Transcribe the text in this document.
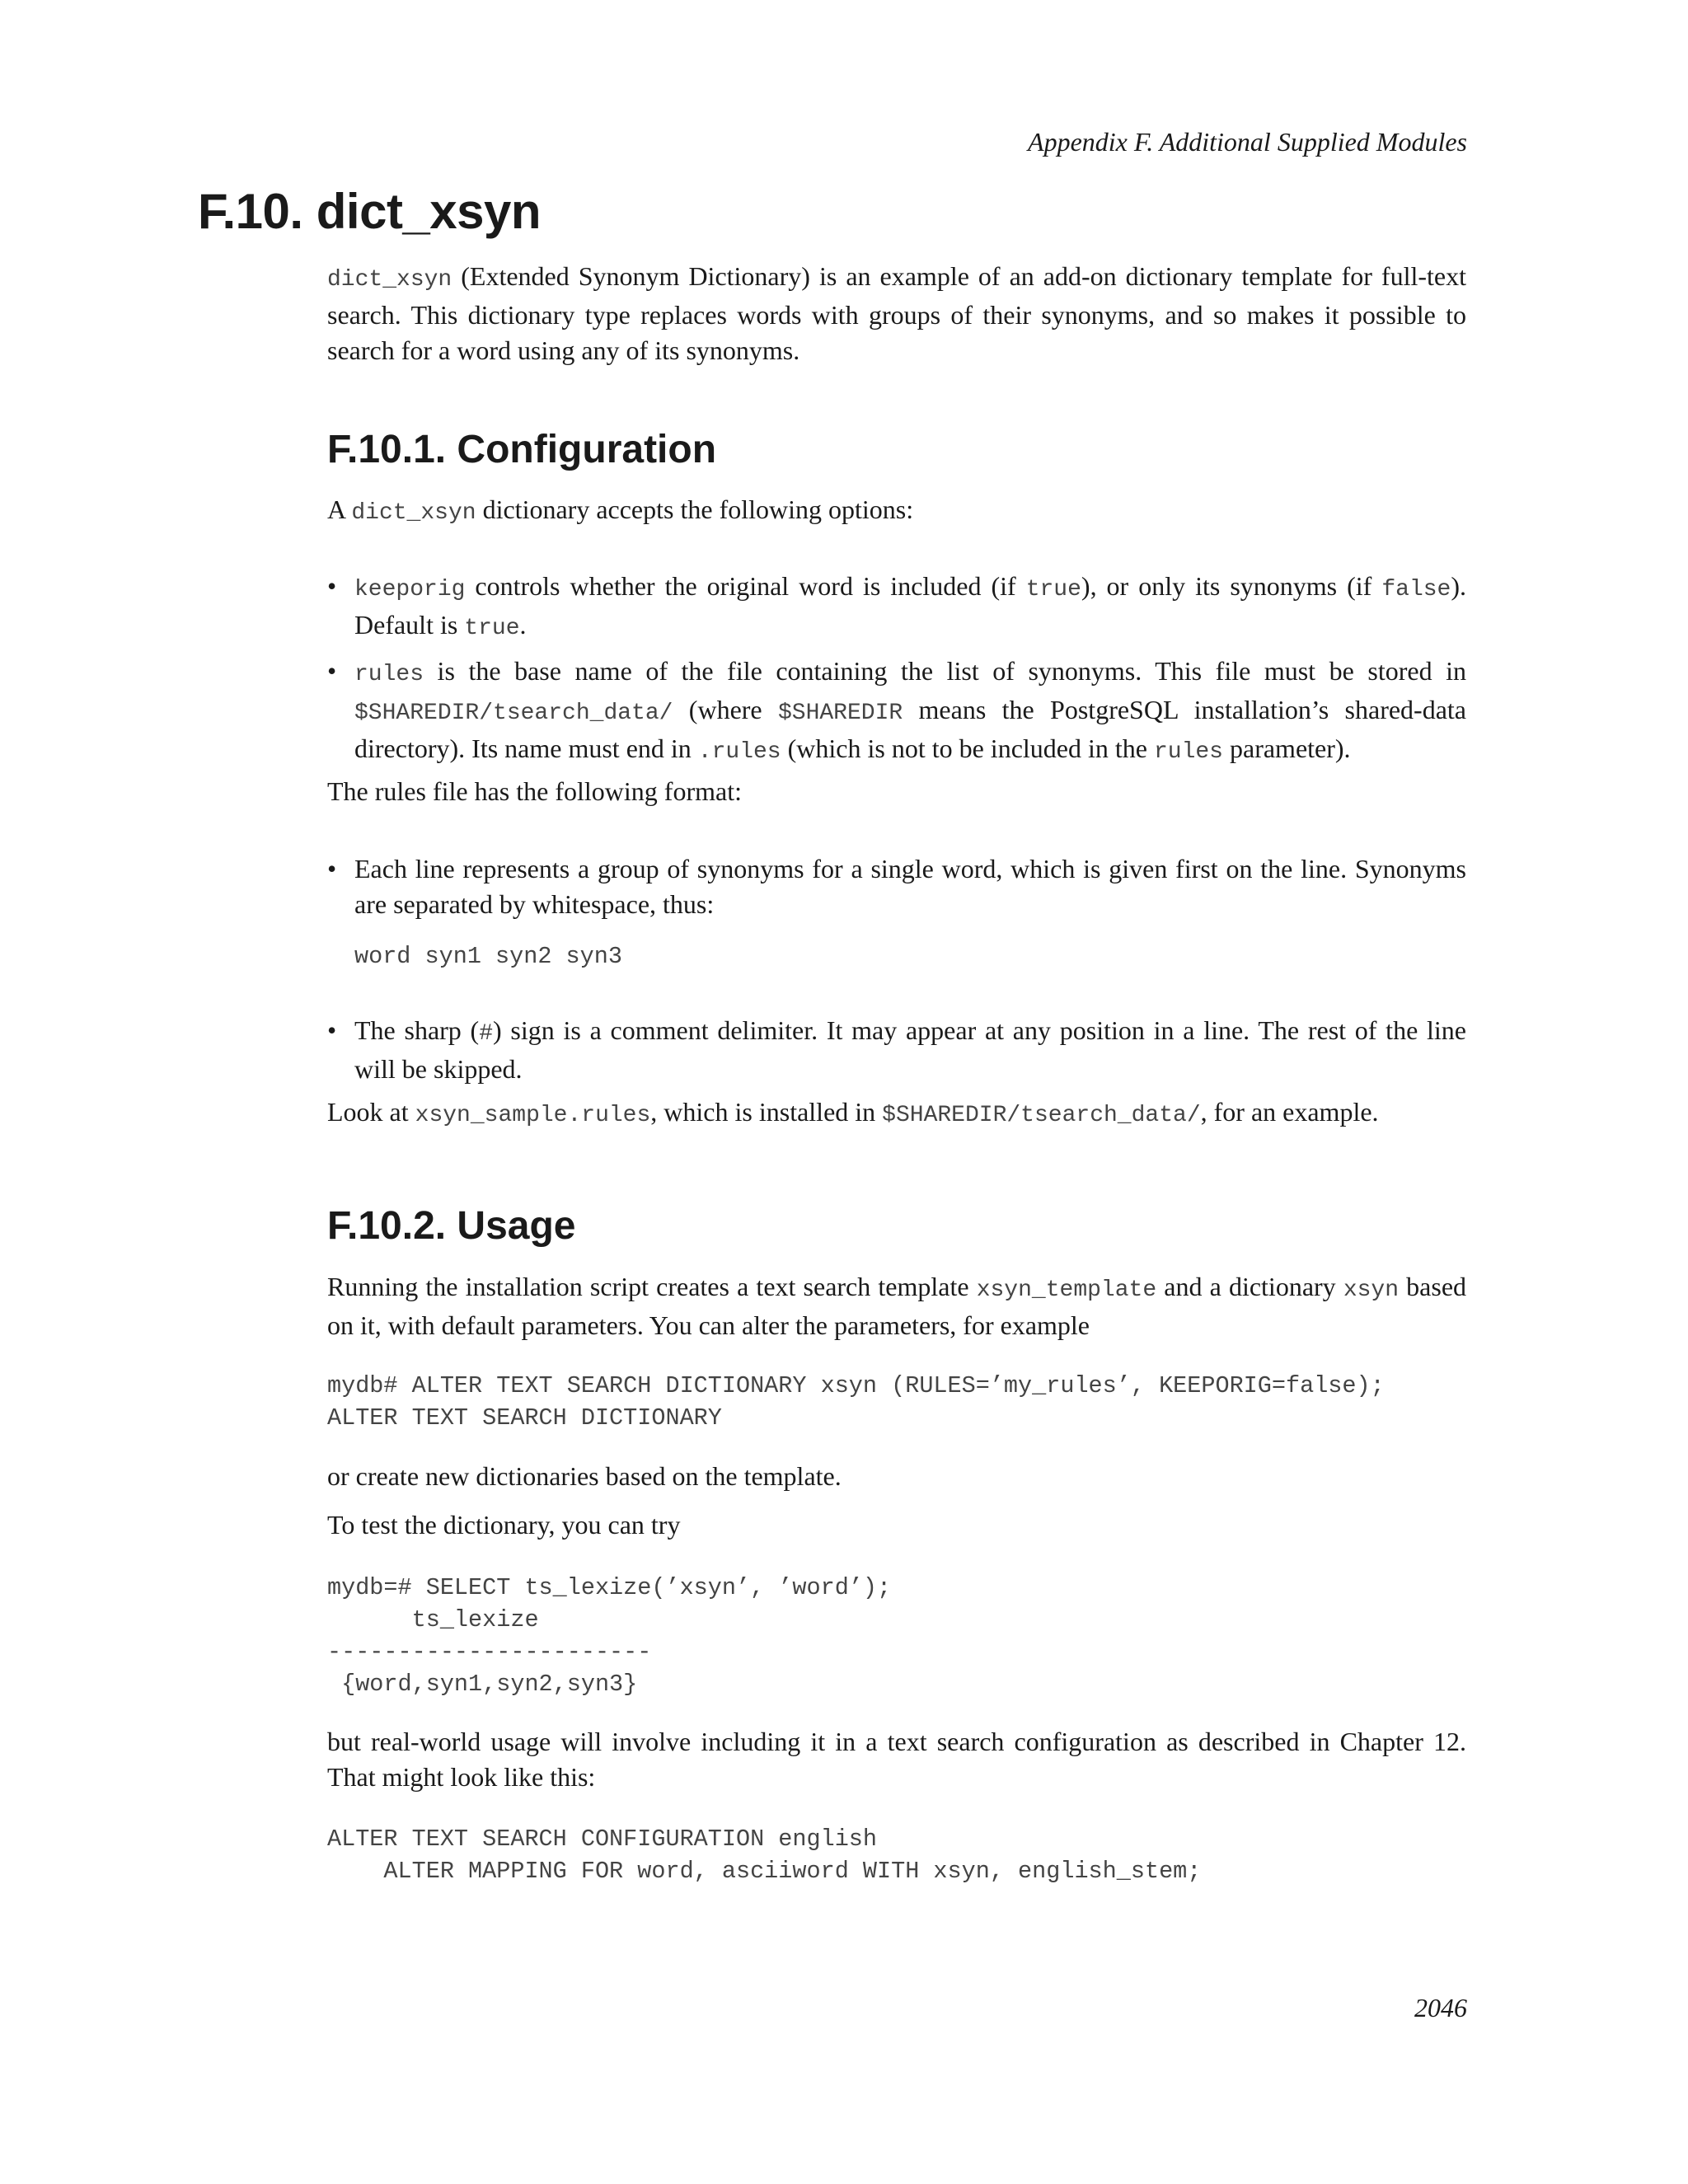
Appendix F. Additional Supplied Modules
F.10. dict_xsyn

dict_xsyn (Extended Synonym Dictionary) is an example of an add-on dictionary template for full-text search. This dictionary type replaces words with groups of their synonyms, and so makes it possible to search for a word using any of its synonyms.

F.10.1. Configuration

A dict_xsyn dictionary accepts the following options:

• keeporig controls whether the original word is included (if true), or only its synonyms (if false). Default is true.
• rules is the base name of the file containing the list of synonyms. This file must be stored in $SHAREDIR/tsearch_data/ (where $SHAREDIR means the PostgreSQL installation’s shared-data directory). Its name must end in .rules (which is not to be included in the rules parameter).

The rules file has the following format:

• Each line represents a group of synonyms for a single word, which is given first on the line. Synonyms are separated by whitespace, thus:
word syn1 syn2 syn3
• The sharp (#) sign is a comment delimiter. It may appear at any position in a line. The rest of the line will be skipped.

Look at xsyn_sample.rules, which is installed in $SHAREDIR/tsearch_data/, for an example.

F.10.2. Usage

Running the installation script creates a text search template xsyn_template and a dictionary xsyn based on it, with default parameters. You can alter the parameters, for example

mydb# ALTER TEXT SEARCH DICTIONARY xsyn (RULES=’my_rules’, KEEPORIG=false);
ALTER TEXT SEARCH DICTIONARY

or create new dictionaries based on the template.

To test the dictionary, you can try

mydb=# SELECT ts_lexize(’xsyn’, ’word’);
ts_lexize
-----------------------
{word,syn1,syn2,syn3}

but real-world usage will involve including it in a text search configuration as described in Chapter 12. That might look like this:

ALTER TEXT SEARCH CONFIGURATION english
ALTER MAPPING FOR word, asciiword WITH xsyn, english_stem;
2046
